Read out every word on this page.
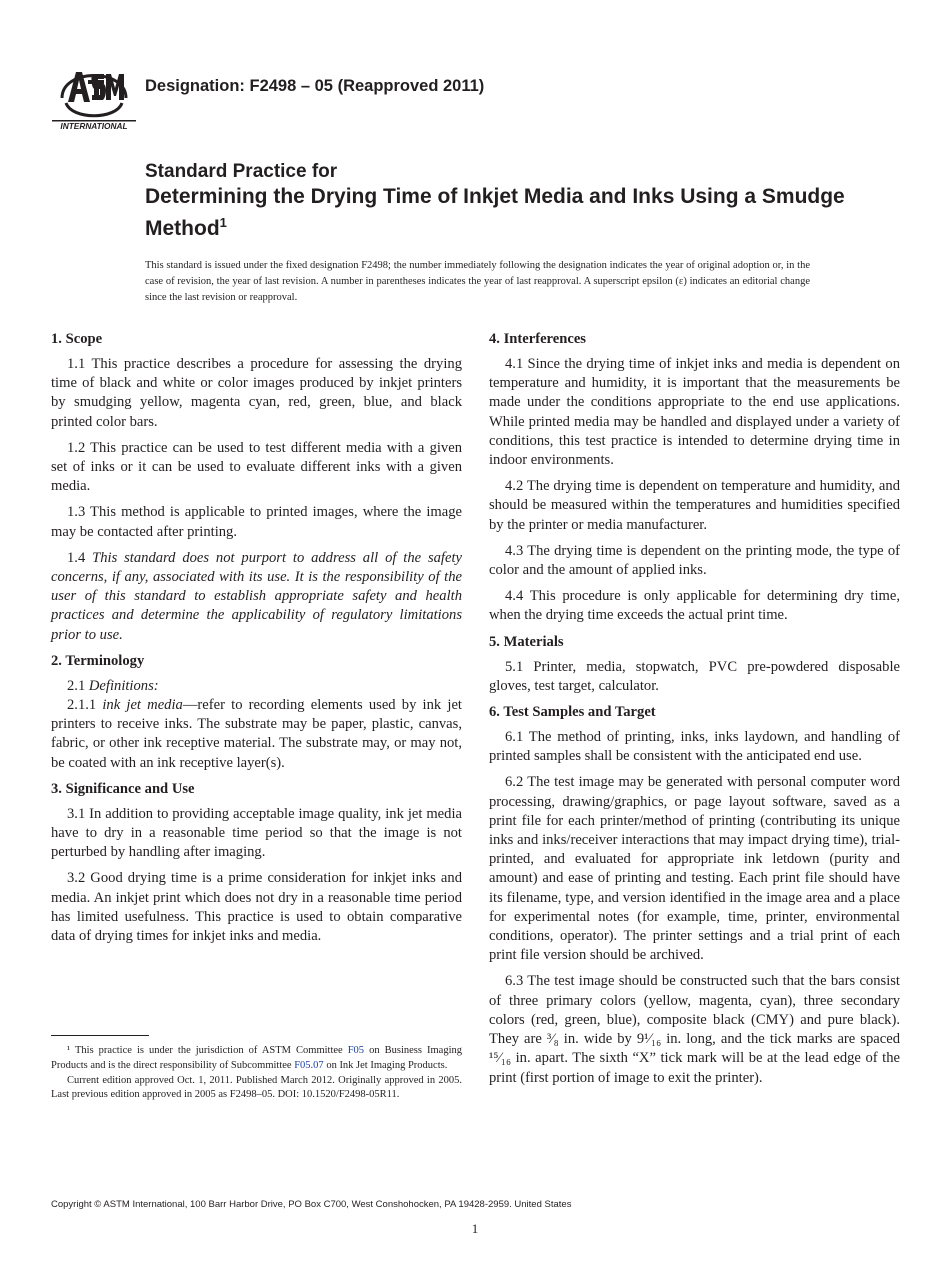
INTERNATIONAL
Designation: F2498 – 05 (Reapproved 2011)
Standard Practice for
Determining the Drying Time of Inkjet Media and Inks Using a Smudge Method$^1$
This standard is issued under the fixed designation F2498; the number immediately following the designation indicates the year of original adoption or, in the case of revision, the year of last revision. A number in parentheses indicates the year of last reapproval. A superscript epsilon (ε) indicates an editorial change since the last revision or reapproval.
1. Scope

1.1 This practice describes a procedure for assessing the drying time of black and white or color images produced by inkjet printers by smudging yellow, magenta cyan, red, green, blue, and black printed color bars.

1.2 This practice can be used to test different media with a given set of inks or it can be used to evaluate different inks with a given media.

1.3 This method is applicable to printed images, where the image may be contacted after printing.

1.4 This standard does not purport to address all of the safety concerns, if any, associated with its use. It is the responsibility of the user of this standard to establish appropriate safety and health practices and determine the applicability of regulatory limitations prior to use.

2. Terminology

2.1 Definitions:

2.1.1 ink jet media—refer to recording elements used by ink jet printers to receive inks. The substrate may be paper, plastic, canvas, fabric, or other ink receptive material. The substrate may, or may not, be coated with an ink receptive layer(s).

3. Significance and Use

3.1 In addition to providing acceptable image quality, ink jet media have to dry in a reasonable time period so that the image is not perturbed by handling after imaging.

3.2 Good drying time is a prime consideration for inkjet inks and media. An inkjet print which does not dry in a reasonable time period has limited usefulness. This practice is used to obtain comparative data of drying times for inkjet inks and media.

4. Interferences

4.1 Since the drying time of inkjet inks and media is dependent on temperature and humidity, it is important that the measurements be made under the conditions appropriate to the end use applications. While printed media may be handled and displayed under a variety of conditions, this test practice is intended to determine drying time in indoor environments.

4.2 The drying time is dependent on temperature and humidity, and should be measured within the temperatures and humidities specified by the printer or media manufacturer.

4.3 The drying time is dependent on the printing mode, the type of color and the amount of applied inks.

4.4 This procedure is only applicable for determining dry time, when the drying time exceeds the actual print time.

5. Materials

5.1 Printer, media, stopwatch, PVC pre-powdered disposable gloves, test target, calculator.

6. Test Samples and Target

6.1 The method of printing, inks, inks laydown, and handling of printed samples shall be consistent with the anticipated end use.

6.2 The test image may be generated with personal computer word processing, drawing/graphics, or page layout software, saved as a print file for each printer/method of printing (contributing its unique inks and inks/receiver interactions that may impact drying time), trial-printed, and evaluated for appropriate ink letdown (purity and amount) and ease of printing and testing. Each print file should have its filename, type, and version identified in the image area and a place for experimental notes (for example, time, printer, environmental conditions, operator). The printer settings and a trial print of each print file version should be archived.

6.3 The test image should be constructed such that the bars consist of three primary colors (yellow, magenta, cyan), three secondary colors (red, green, blue), composite black (CMY) and pure black). They are ³⁄₈ in. wide by 9¹⁄₁₆ in. long, and the tick marks are spaced ¹⁵⁄₁₆ in. apart. The sixth “X” tick mark will be at the lead edge of the print (first portion of image to exit the printer).

¹ This practice is under the jurisdiction of ASTM Committee F05 on Business Imaging Products and is the direct responsibility of Subcommittee F05.07 on Ink Jet Imaging Products.

Current edition approved Oct. 1, 2011. Published March 2012. Originally approved in 2005. Last previous edition approved in 2005 as F2498–05. DOI: 10.1520/F2498-05R11.

Copyright © ASTM International, 100 Barr Harbor Drive, PO Box C700, West Conshohocken, PA 19428-2959. United States
1
